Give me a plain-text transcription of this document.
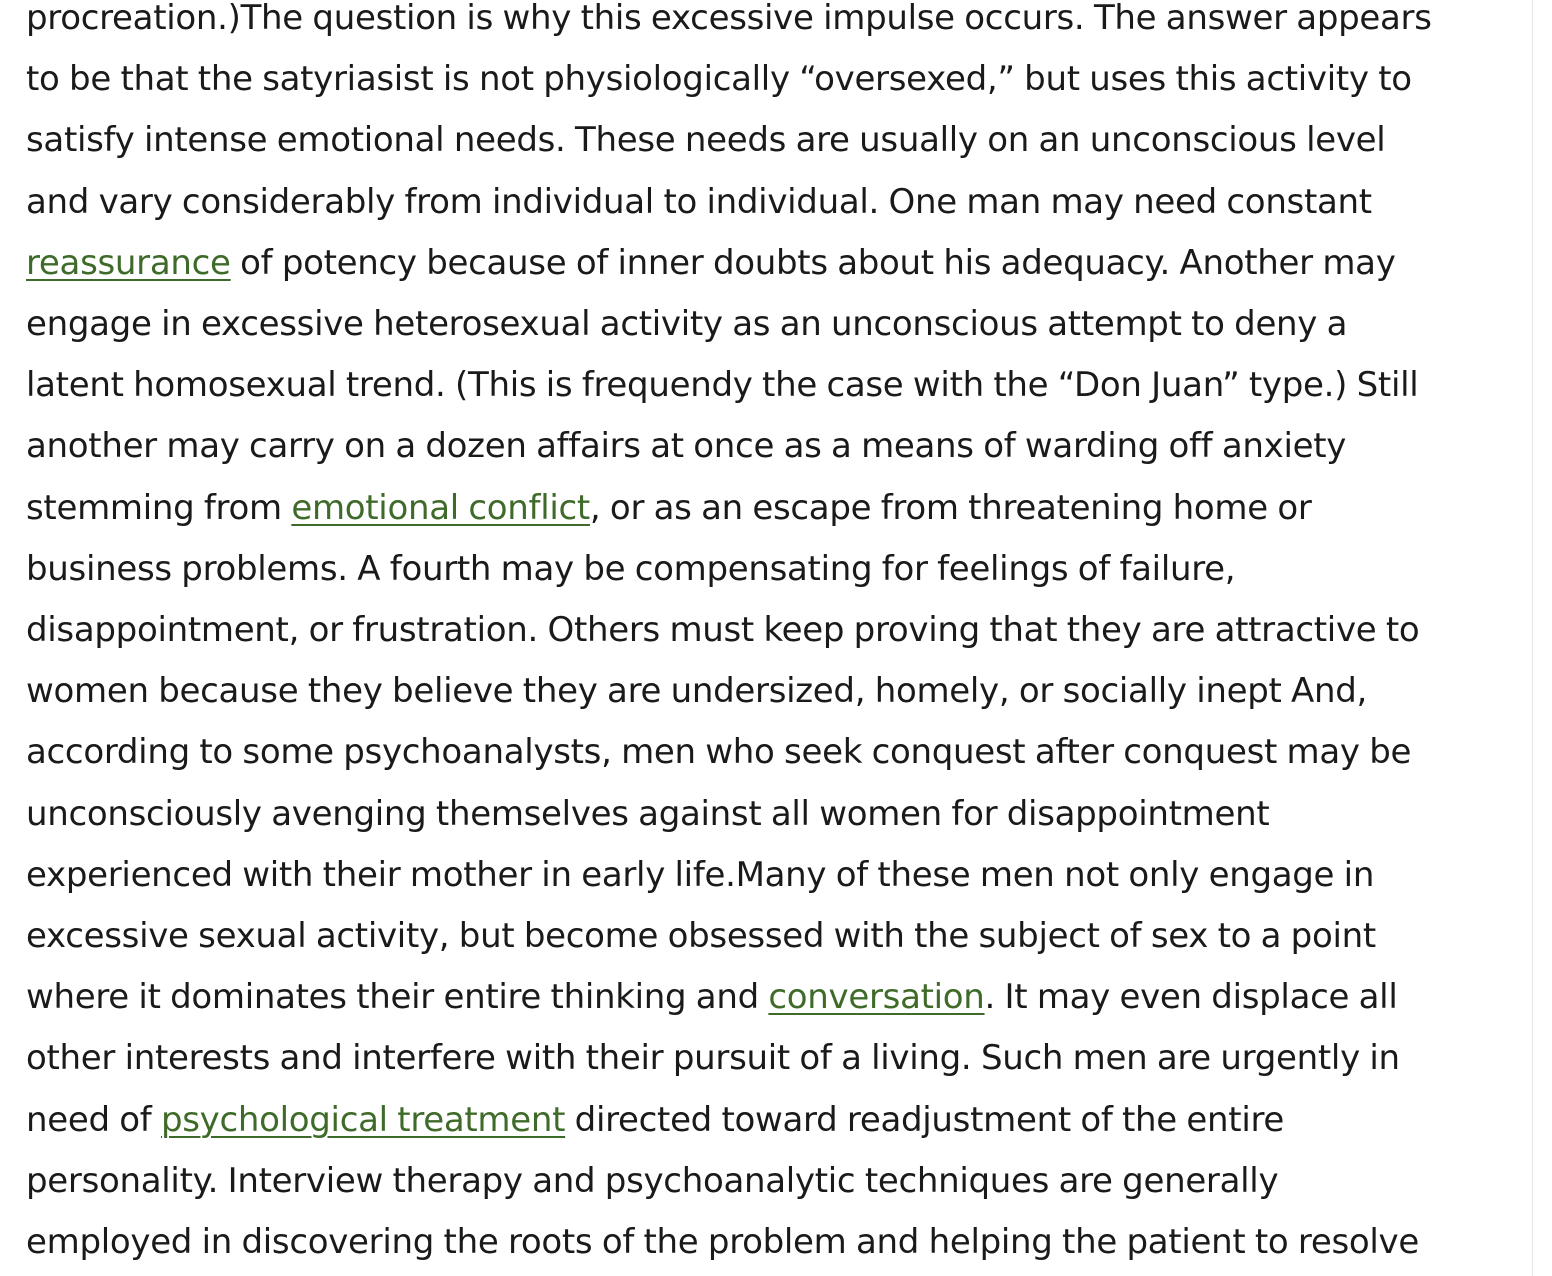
procreation.)The question is why this excessive impulse occurs. The answer appears
to be that the satyriasist is not physiologically “oversexed,” but uses this activity to
satisfy intense emotional needs. These needs are usually on an unconscious level
and vary considerably from individual to individual. One man may need constant
reassurance of potency because of inner doubts about his adequacy. Another may
engage in excessive heterosexual activity as an unconscious attempt to deny a
latent homosexual trend. (This is frequendy the case with the “Don Juan” type.) Still
another may carry on a dozen affairs at once as a means of warding off anxiety
stemming from emotional conflict, or as an escape from threatening home or
business problems. A fourth may be compensating for feelings of failure,
disappointment, or frustration. Others must keep proving that they are attractive to
women because they believe they are undersized, homely, or socially inept And,
according to some psychoanalysts, men who seek conquest after conquest may be
unconsciously avenging themselves against all women for disappointment
experienced with their mother in early life.Many of these men not only engage in
excessive sexual activity, but become obsessed with the subject of sex to a point
where it dominates their entire thinking and conversation. It may even displace all
other interests and interfere with their pursuit of a living. Such men are urgently in
need of psychological treatment directed toward readjustment of the entire
personality. Interview therapy and psychoanalytic techniques are generally
employed in discovering the roots of the problem and helping the patient to resolve
